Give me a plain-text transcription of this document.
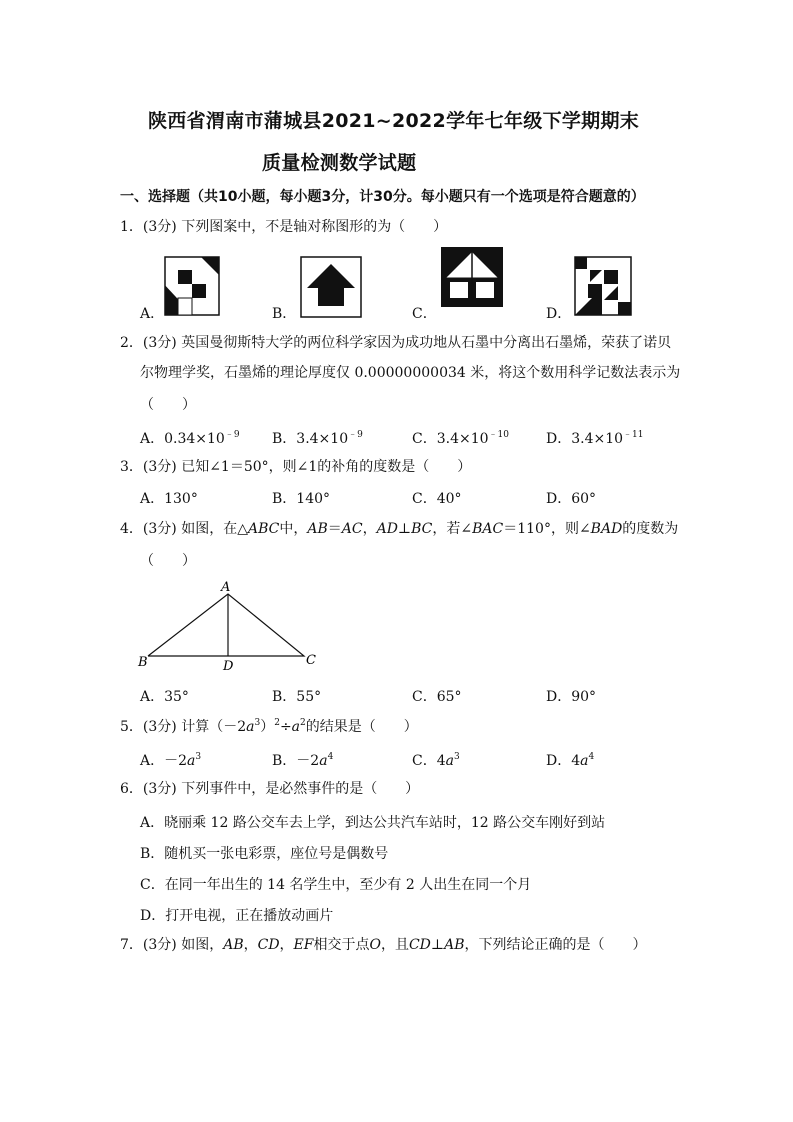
陕西省渭南市蒲城县2021~2022学年七年级下学期期末
质量检测数学试题
一、选择题（共10小题，每小题3分，计30分。每小题只有一个选项是符合题意的）
1．(3分) 下列图案中，不是轴对称图形的为（　　）
A．	B．	C．	D．
2．(3分) 英国曼彻斯特大学的两位科学家因为成功地从石墨中分离出石墨烯，荣获了诺贝
尔物理学奖，石墨烯的理论厚度仅 0.00000000034 米，将这个数用科学记数法表示为
（　　）
A．$0.34\times 10^{﹣9}$ B．$3.4\times 10^{﹣9}$	C．$3.4\times 10^{﹣10}$	D．$3.4\times 10^{﹣11}$
3．(3分) 已知∠1＝50°，则∠1的补角的度数是（　　）
A．130°	B．140°	C．40°	D．60°
4．(3分) 如图，在△ABC中，AB＝AC，AD⊥BC，若∠BAC＝110°，则∠BAD的度数为
（　　）
A
B	C
D
A．35°	B．55°	C．65°	D．90°
5．(3分) 计算$(-2a^3)^2\div a^2$的结果是（　　）
A．$-2a^3$	B．$-2a^4$	C．$4a^3$	D．$4a^4$
6．(3分) 下列事件中，是必然事件的是（　　）
A．晓丽乘 12 路公交车去上学，到达公共汽车站时，12 路公交车刚好到站
B．随机买一张电彩票，座位号是偶数号
C．在同一年出生的 14 名学生中，至少有 2 人出生在同一个月
D．打开电视，正在播放动画片
7．(3分) 如图，AB，CD，EF相交于点O，且CD⊥AB，下列结论正确的是（　　）
